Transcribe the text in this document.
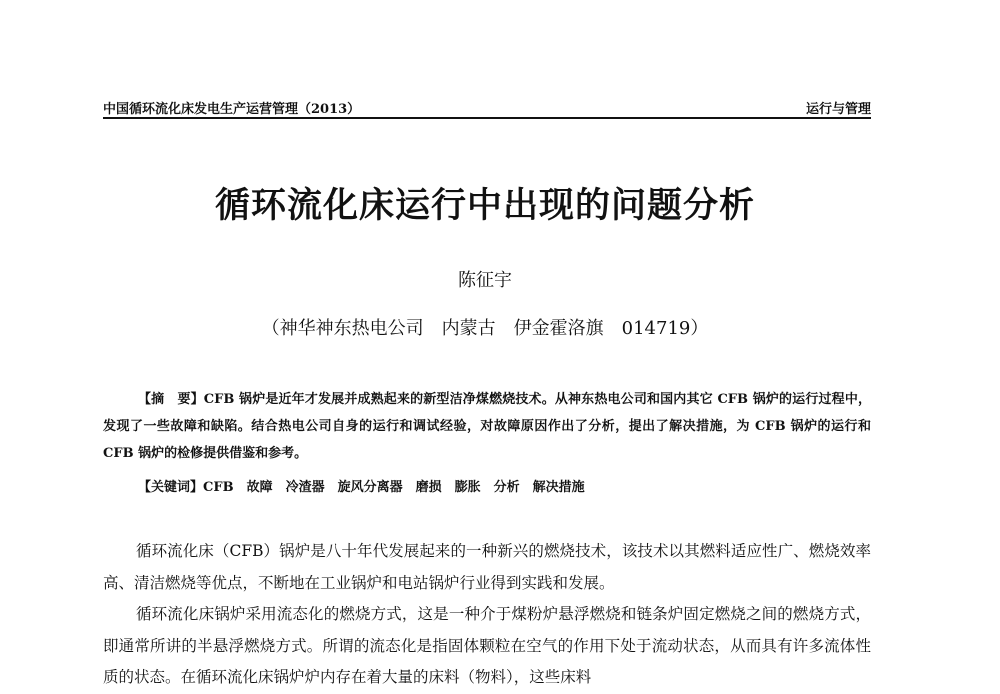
中国循环流化床发电生产运营管理（2013）	运行与管理
循环流化床运行中出现的问题分析
陈征宇
（神华神东热电公司　内蒙古　伊金霍洛旗　014719）

【摘　要】CFB 锅炉是近年才发展并成熟起来的新型洁净煤燃烧技术。从神东热电公司和国内其它 CFB 锅炉的运行过程中，发现了一些故障和缺陷。结合热电公司自身的运行和调试经验，对故障原因作出了分析，提出了解决措施，为 CFB 锅炉的运行和 CFB 锅炉的检修提供借鉴和参考。

【关键词】CFB　故障　冷渣器　旋风分离器　磨损　膨胀　分析　解决措施

循环流化床（CFB）锅炉是八十年代发展起来的一种新兴的燃烧技术，该技术以其燃料适应性广、燃烧效率高、清洁燃烧等优点，不断地在工业锅炉和电站锅炉行业得到实践和发展。

循环流化床锅炉采用流态化的燃烧方式，这是一种介于煤粉炉悬浮燃烧和链条炉固定燃烧之间的燃烧方式，即通常所讲的半悬浮燃烧方式。所谓的流态化是指固体颗粒在空气的作用下处于流动状态，从而具有许多流体性质的状态。在循环流化床锅炉炉内存在着大量的床料（物料），这些床料
